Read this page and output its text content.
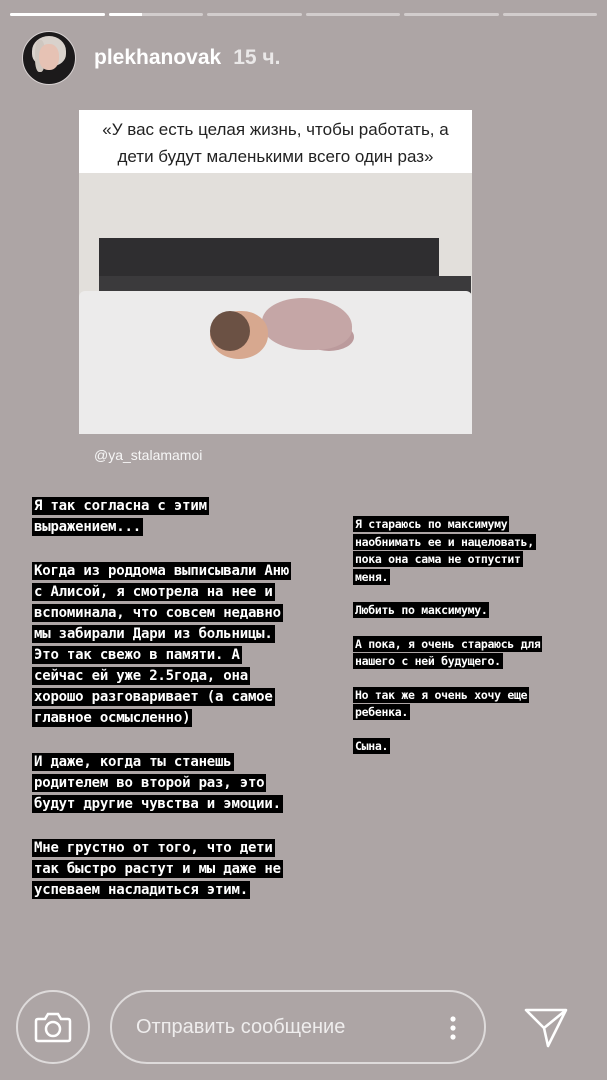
plekhanovak 15 ч.
«У вас есть целая жизнь, чтобы работать, а дети будут маленькими всего один раз»
@ya_stalamamoi

Я так согласна с этим выражением...

Когда из роддома выписывали Аню с Алисой, я смотрела на нее и вспоминала, что совсем недавно мы забирали Дари из больницы. Это так свежо в памяти. А сейчас ей уже 2.5года, она хорошо разговаривает (а самое главное осмысленно)

И даже, когда ты станешь родителем во второй раз, это будут другие чувства и эмоции.

Мне грустно от того, что дети так быстро растут и мы даже не успеваем насладиться этим.

Я стараюсь по максимуму наобнимать ее и нацеловать, пока она сама не отпустит меня.

Любить по максимуму.

А пока, я очень стараюсь для нашего с ней будущего.

Но так же я очень хочу еще ребенка.

Сына.

Отправить сообщение
